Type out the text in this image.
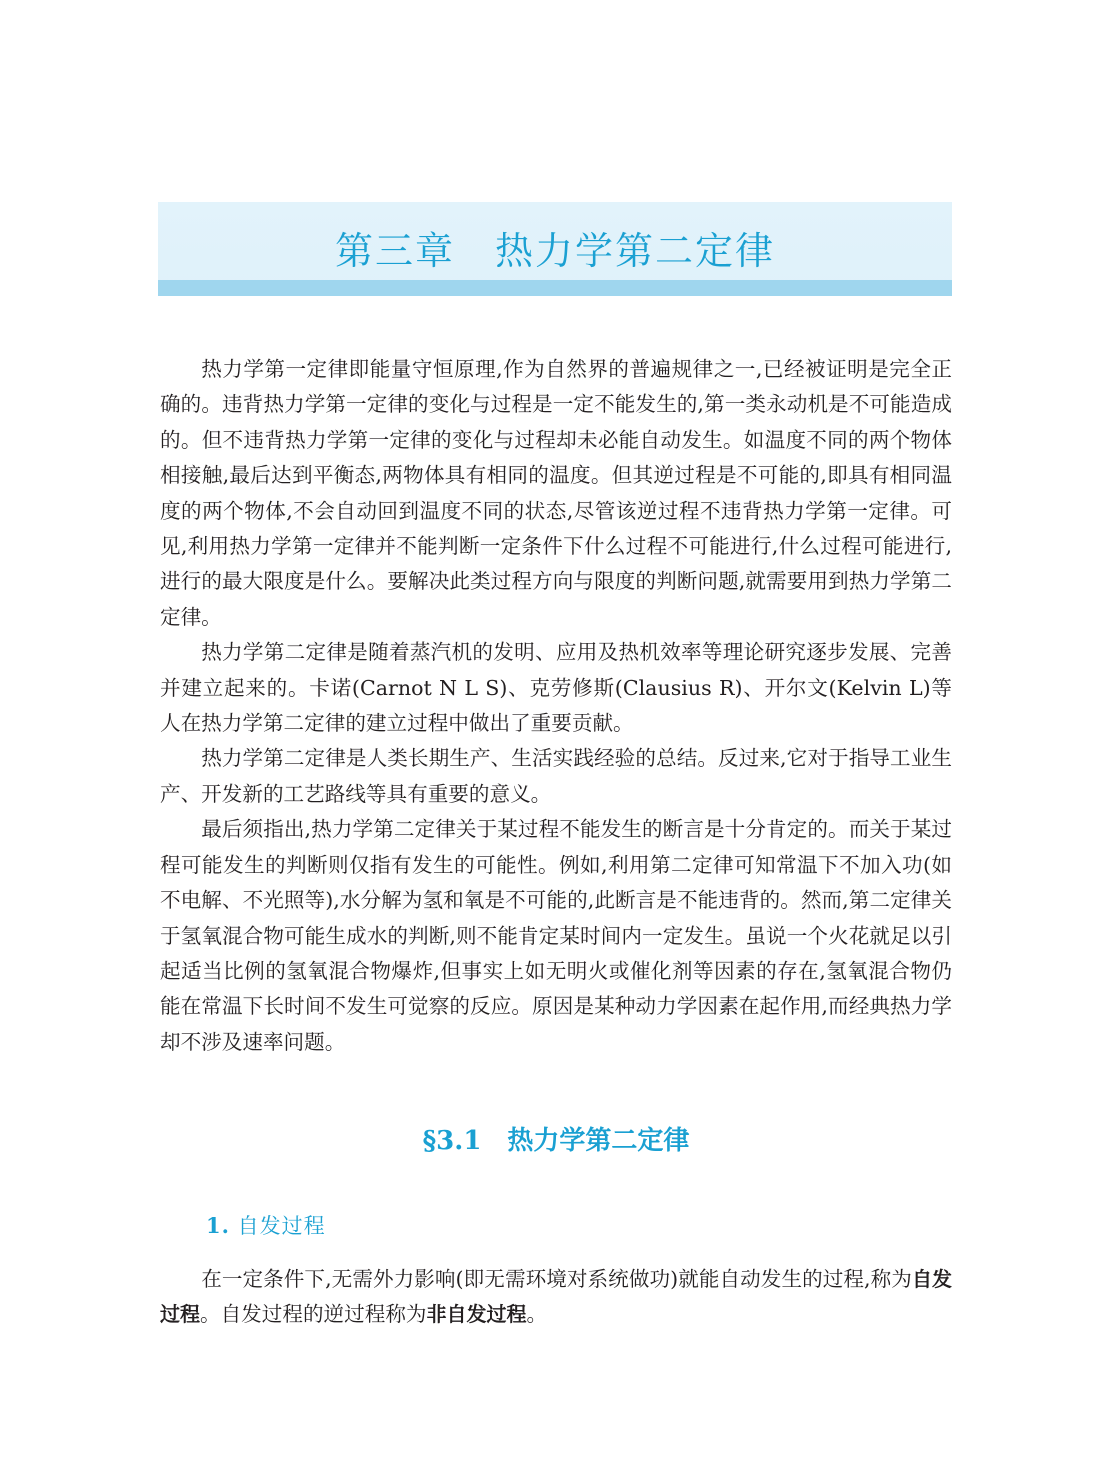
第三章　热力学第二定律

热力学第一定律即能量守恒原理,作为自然界的普遍规律之一,已经被证明是完全正确的。违背热力学第一定律的变化与过程是一定不能发生的,第一类永动机是不可能造成的。但不违背热力学第一定律的变化与过程却未必能自动发生。如温度不同的两个物体相接触,最后达到平衡态,两物体具有相同的温度。但其逆过程是不可能的,即具有相同温度的两个物体,不会自动回到温度不同的状态,尽管该逆过程不违背热力学第一定律。可见,利用热力学第一定律并不能判断一定条件下什么过程不可能进行,什么过程可能进行,进行的最大限度是什么。要解决此类过程方向与限度的判断问题,就需要用到热力学第二定律。

热力学第二定律是随着蒸汽机的发明、应用及热机效率等理论研究逐步发展、完善并建立起来的。卡诺(Carnot N L S)、克劳修斯(Clausius R)、开尔文(Kelvin L)等人在热力学第二定律的建立过程中做出了重要贡献。

热力学第二定律是人类长期生产、生活实践经验的总结。反过来,它对于指导工业生产、开发新的工艺路线等具有重要的意义。

最后须指出,热力学第二定律关于某过程不能发生的断言是十分肯定的。而关于某过程可能发生的判断则仅指有发生的可能性。例如,利用第二定律可知常温下不加入功(如不电解、不光照等),水分解为氢和氧是不可能的,此断言是不能违背的。然而,第二定律关于氢氧混合物可能生成水的判断,则不能肯定某时间内一定发生。虽说一个火花就足以引起适当比例的氢氧混合物爆炸,但事实上如无明火或催化剂等因素的存在,氢氧混合物仍能在常温下长时间不发生可觉察的反应。原因是某种动力学因素在起作用,而经典热力学却不涉及速率问题。

§3.1　热力学第二定律
1. 自发过程

在一定条件下,无需外力影响(即无需环境对系统做功)就能自动发生的过程,称为自发过程。自发过程的逆过程称为非自发过程。
